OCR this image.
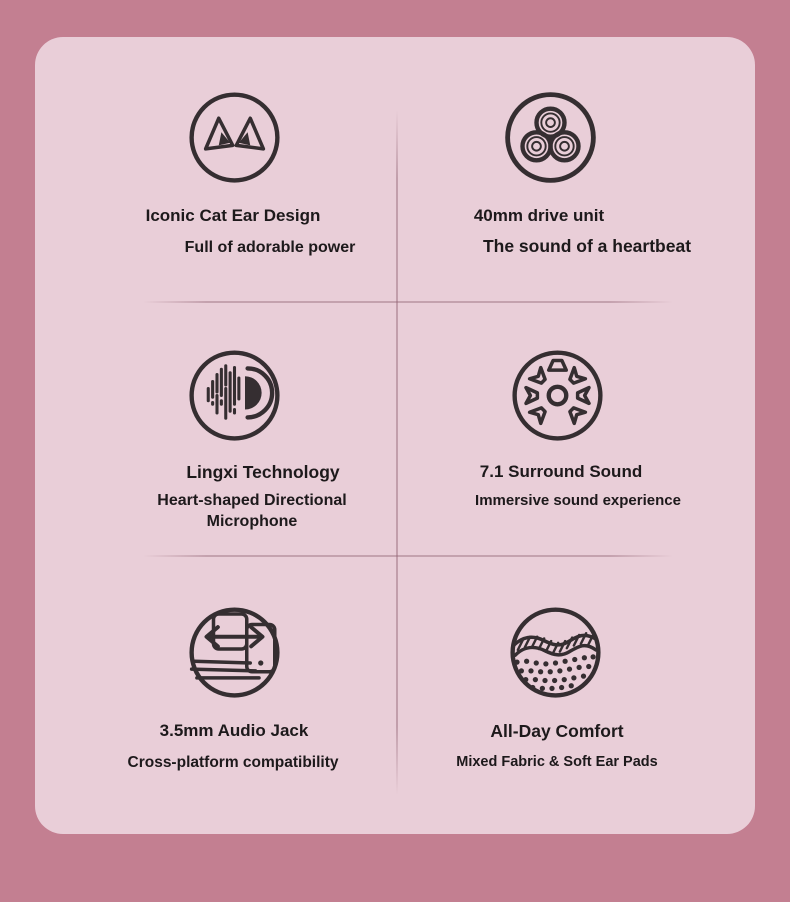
Iconic Cat Ear Design
Full of adorable power
40mm drive unit
The sound of a heartbeat
Lingxi Technology
Heart-shaped Directional Microphone
7.1 Surround Sound
Immersive sound experience
3.5mm Audio Jack
Cross-platform compatibility
All-Day Comfort
Mixed Fabric & Soft Ear Pads
